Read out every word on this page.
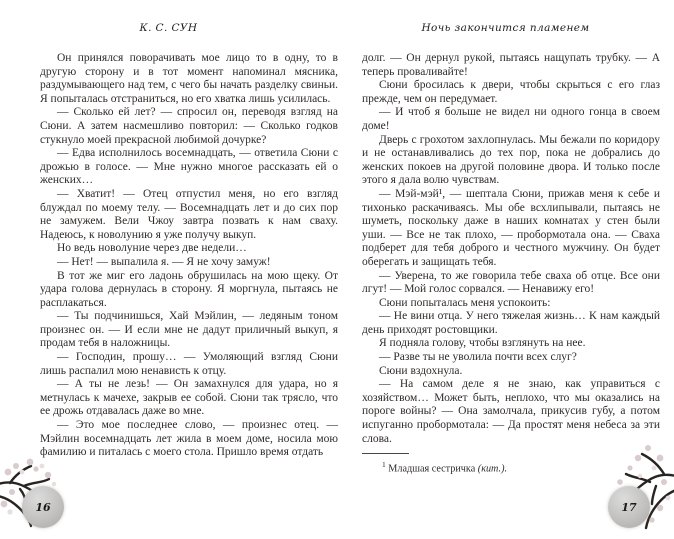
К. С. СУН

Он принялся поворачивать мое лицо то в одну, то в другую сторону и в тот момент напоминал мясника, раздумывающего над тем, с чего бы начать разделку свиньи. Я попыталась отстраниться, но его хватка лишь усилилась.

— Сколько ей лет? — спросил он, переводя взгляд на Сюни. А затем насмешливо повторил: — Сколько годков стукнуло моей прекрасной любимой дочурке?

— Едва исполнилось восемнадцать, — ответила Сюни с дрожью в голосе. — Мне нужно многое рассказать ей о женских…

— Хватит! — Отец отпустил меня, но его взгляд блуждал по моему телу. — Восемнадцать лет и до сих пор не замужем. Вели Чжоу завтра позвать к нам сваху. Надеюсь, к новолунию я уже получу выкуп.

Но ведь новолуние через две недели…

— Нет! — выпалила я. — Я не хочу замуж!

В тот же миг его ладонь обрушилась на мою щеку. От удара голова дернулась в сторону. Я моргнула, пытаясь не расплакаться.

— Ты подчинишься, Хай Мэйлин, — ледяным тоном произнес он. — И если мне не дадут приличный выкуп, я продам тебя в наложницы.

— Господин, прошу… — Умоляющий взгляд Сюни лишь распалил мою ненависть к отцу.

— А ты не лезь! — Он замахнулся для удара, но я метнулась к мачехе, закрыв ее собой. Сюни так трясло, что ее дрожь отдавалась даже во мне.

— Это мое последнее слово, — произнес отец. — Мэйлин восемнадцать лет жила в моем доме, носила мою фамилию и питалась с моего стола. Пришло время отдать

Ночь закончится пламенем

долг. — Он дернул рукой, пытаясь нащупать трубку. — А теперь проваливайте!

Сюни бросилась к двери, чтобы скрыться с его глаз прежде, чем он передумает.

— И чтоб я больше не видел ни одного гонца в своем доме!

Дверь с грохотом захлопнулась. Мы бежали по коридору и не останавливались до тех пор, пока не добрались до женских покоев на другой половине двора. И только после этого я дала волю чувствам.

— Мэй-мэй¹, — шептала Сюни, прижав меня к себе и тихонько раскачиваясь. Мы обе всхлипывали, пытаясь не шуметь, поскольку даже в наших комнатах у стен были уши. — Все не так плохо, — пробормотала она. — Сваха подберет для тебя доброго и честного мужчину. Он будет оберегать и защищать тебя.

— Уверена, то же говорила тебе сваха об отце. Все они лгут! — Мой голос сорвался. — Ненавижу его!

Сюни попыталась меня успокоить:

— Не вини отца. У него тяжелая жизнь… К нам каждый день приходят ростовщики.

Я подняла голову, чтобы взглянуть на нее.

— Разве ты не уволила почти всех слуг?

Сюни вздохнула.

— На самом деле я не знаю, как управиться с хозяйством… Может быть, неплохо, что мы оказались на пороге войны? — Она замолчала, прикусив губу, а потом испуганно пробормотала: — Да простят меня небеса за эти слова.

$^1$ Младшая сестричка (кит.).
16	17
